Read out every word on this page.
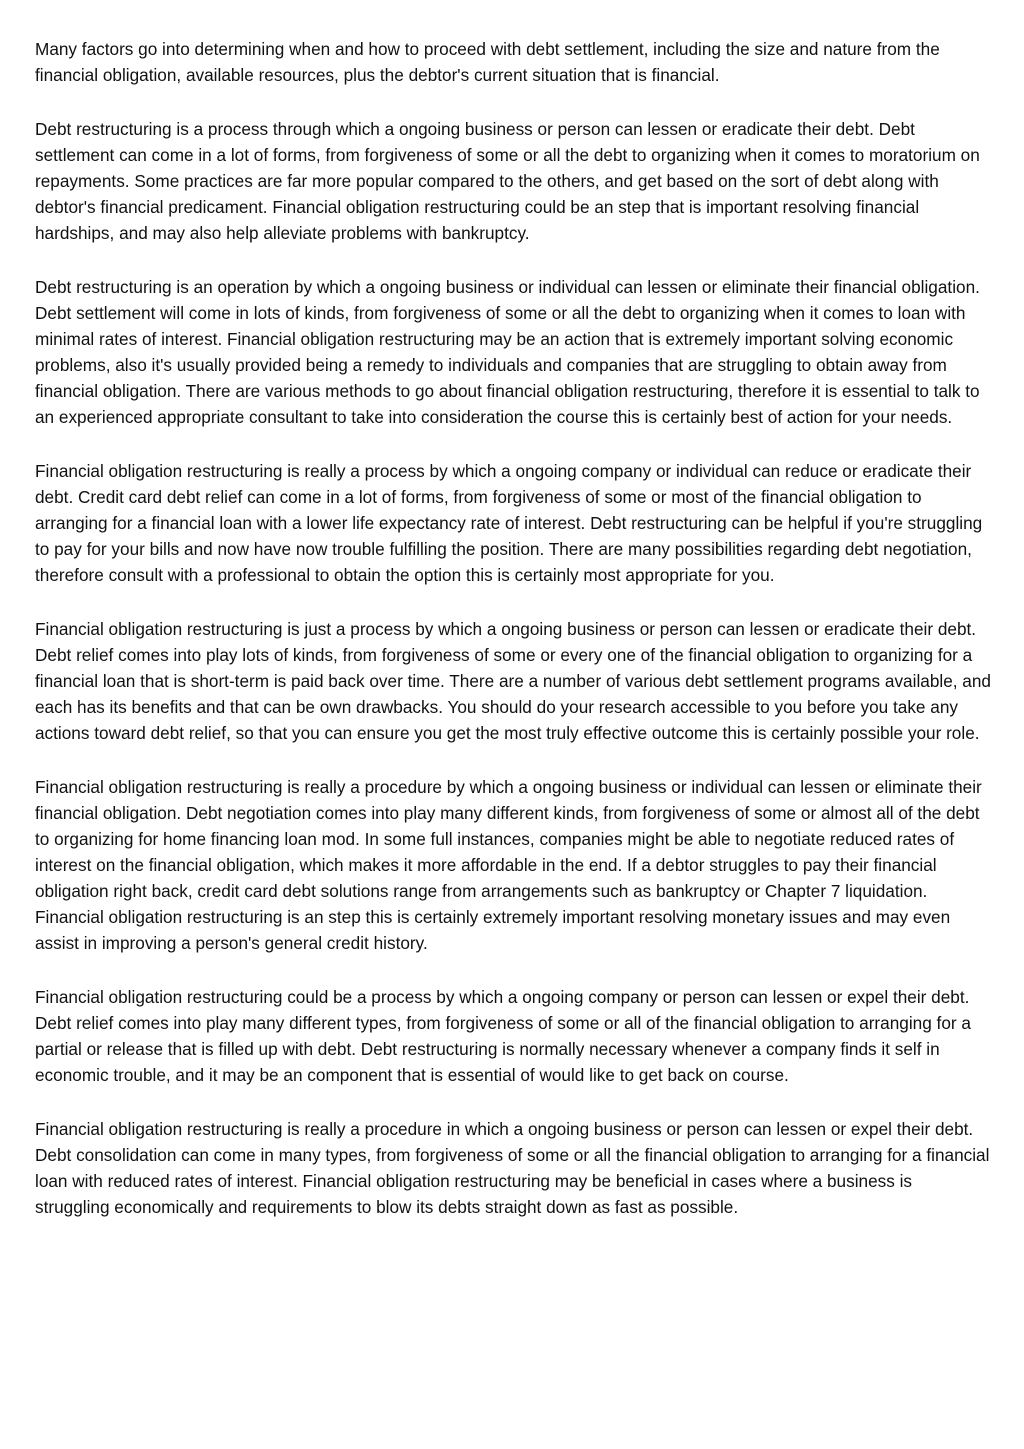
Many factors go into determining when and how to proceed with debt settlement, including the size and nature from the financial obligation, available resources, plus the debtor's current situation that is financial.

Debt restructuring is a process through which a ongoing business or person can lessen or eradicate their debt. Debt settlement can come in a lot of forms, from forgiveness of some or all the debt to organizing when it comes to moratorium on repayments. Some practices are far more popular compared to the others, and get based on the sort of debt along with debtor's financial predicament. Financial obligation restructuring could be an step that is important resolving financial hardships, and may also help alleviate problems with bankruptcy.

Debt restructuring is an operation by which a ongoing business or individual can lessen or eliminate their financial obligation. Debt settlement will come in lots of kinds, from forgiveness of some or all the debt to organizing when it comes to loan with minimal rates of interest. Financial obligation restructuring may be an action that is extremely important solving economic problems, also it's usually provided being a remedy to individuals and companies that are struggling to obtain away from financial obligation. There are various methods to go about financial obligation restructuring, therefore it is essential to talk to an experienced appropriate consultant to take into consideration the course this is certainly best of action for your needs.

Financial obligation restructuring is really a process by which a ongoing company or individual can reduce or eradicate their debt. Credit card debt relief can come in a lot of forms, from forgiveness of some or most of the financial obligation to arranging for a financial loan with a lower life expectancy rate of interest. Debt restructuring can be helpful if you're struggling to pay for your bills and now have now trouble fulfilling the position. There are many possibilities regarding debt negotiation, therefore consult with a professional to obtain the option this is certainly most appropriate for you.

Financial obligation restructuring is just a process by which a ongoing business or person can lessen or eradicate their debt. Debt relief comes into play lots of kinds, from forgiveness of some or every one of the financial obligation to organizing for a financial loan that is short-term is paid back over time. There are a number of various debt settlement programs available, and each has its benefits and that can be own drawbacks. You should do your research accessible to you before you take any actions toward debt relief, so that you can ensure you get the most truly effective outcome this is certainly possible your role.

Financial obligation restructuring is really a procedure by which a ongoing business or individual can lessen or eliminate their financial obligation. Debt negotiation comes into play many different kinds, from forgiveness of some or almost all of the debt to organizing for home financing loan mod. In some full instances, companies might be able to negotiate reduced rates of interest on the financial obligation, which makes it more affordable in the end. If a debtor struggles to pay their financial obligation right back, credit card debt solutions range from arrangements such as bankruptcy or Chapter 7 liquidation. Financial obligation restructuring is an step this is certainly extremely important resolving monetary issues and may even assist in improving a person's general credit history.

Financial obligation restructuring could be a process by which a ongoing company or person can lessen or expel their debt. Debt relief comes into play many different types, from forgiveness of some or all of the financial obligation to arranging for a partial or release that is filled up with debt. Debt restructuring is normally necessary whenever a company finds it self in economic trouble, and it may be an component that is essential of would like to get back on course.

Financial obligation restructuring is really a procedure in which a ongoing business or person can lessen or expel their debt. Debt consolidation can come in many types, from forgiveness of some or all the financial obligation to arranging for a financial loan with reduced rates of interest. Financial obligation restructuring may be beneficial in cases where a business is struggling economically and requirements to blow its debts straight down as fast as possible.
